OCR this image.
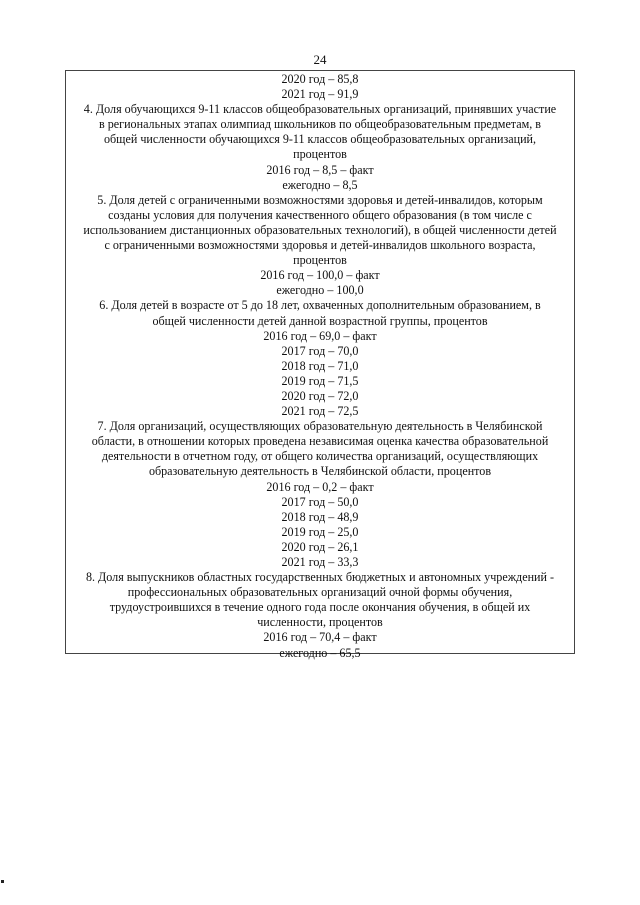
24
2020 год – 85,8
2021 год – 91,9
4. Доля обучающихся 9-11 классов общеобразовательных организаций, принявших участие
в региональных этапах олимпиад школьников по общеобразовательным предметам, в
общей численности обучающихся 9-11 классов общеобразовательных организаций,
процентов
2016 год – 8,5 – факт
ежегодно – 8,5
5. Доля детей с ограниченными возможностями здоровья и детей-инвалидов, которым
созданы условия для получения качественного общего образования (в том числе с
использованием дистанционных образовательных технологий), в общей численности детей
с ограниченными возможностями здоровья и детей-инвалидов школьного возраста,
процентов
2016 год – 100,0 – факт
ежегодно – 100,0
6. Доля детей в возрасте от 5 до 18 лет, охваченных дополнительным образованием, в
общей численности детей данной возрастной группы, процентов
2016 год – 69,0 – факт
2017 год – 70,0
2018 год – 71,0
2019 год – 71,5
2020 год – 72,0
2021 год – 72,5
7. Доля организаций, осуществляющих образовательную деятельность в Челябинской
области, в отношении которых проведена независимая оценка качества образовательной
деятельности в отчетном году, от общего количества организаций, осуществляющих
образовательную деятельность в Челябинской области, процентов
2016 год – 0,2 – факт
2017 год – 50,0
2018 год – 48,9
2019 год – 25,0
2020 год – 26,1
2021 год – 33,3
8. Доля выпускников областных государственных бюджетных и автономных учреждений -
профессиональных образовательных организаций очной формы обучения,
трудоустроившихся в течение одного года после окончания обучения, в общей их
численности, процентов
2016 год – 70,4 – факт
ежегодно – 65,5
